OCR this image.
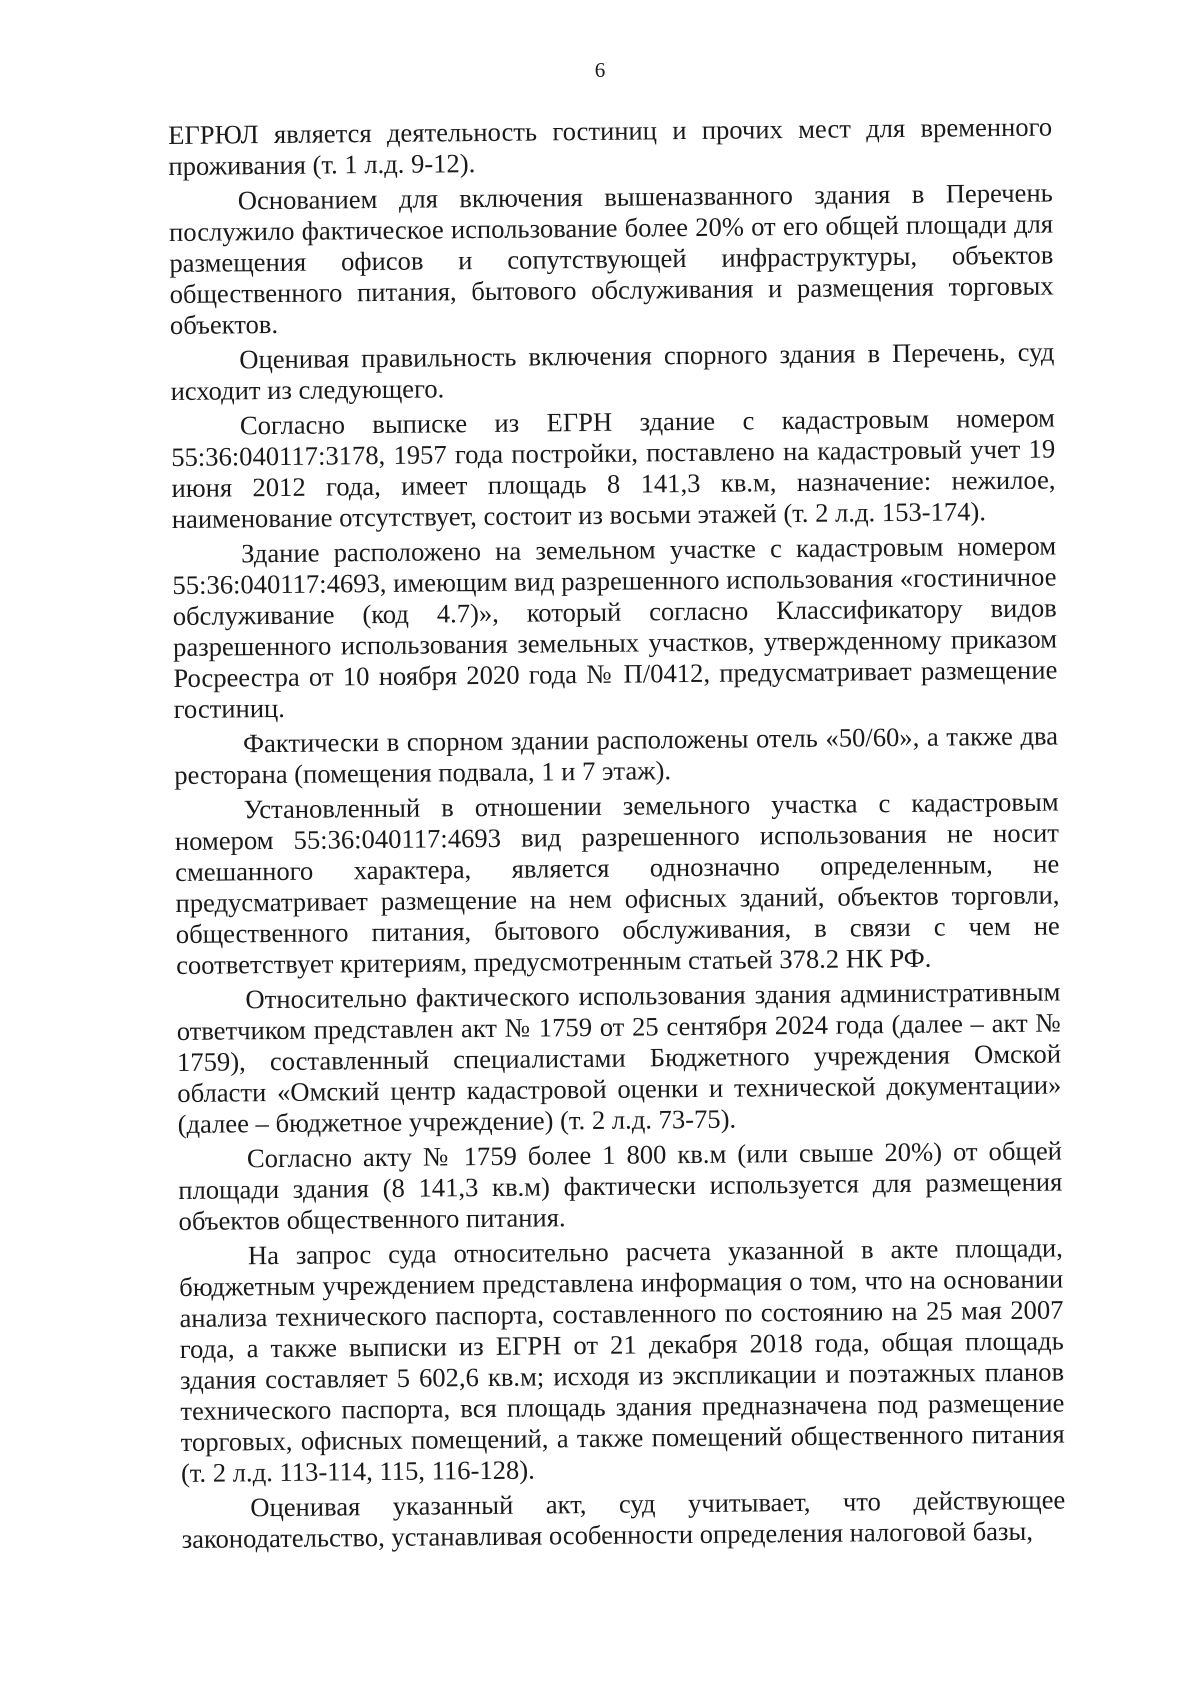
6

ЕГРЮЛ является деятельность гостиниц и прочих мест для временного проживания (т. 1 л.д. 9-12).

Основанием для включения вышеназванного здания в Перечень послужило фактическое использование более 20% от его общей площади для размещения офисов и сопутствующей инфраструктуры, объектов общественного питания, бытового обслуживания и размещения торговых объектов.

Оценивая правильность включения спорного здания в Перечень, суд исходит из следующего.

Согласно выписке из ЕГРН здание с кадастровым номером 55:36:040117:3178, 1957 года постройки, поставлено на кадастровый учет 19 июня 2012 года, имеет площадь 8 141,3 кв.м, назначение: нежилое, наименование отсутствует, состоит из восьми этажей (т. 2 л.д. 153-174).

Здание расположено на земельном участке с кадастровым номером 55:36:040117:4693, имеющим вид разрешенного использования «гостиничное обслуживание (код 4.7)», который согласно Классификатору видов разрешенного использования земельных участков, утвержденному приказом Росреестра от 10 ноября 2020 года № П/0412, предусматривает размещение гостиниц.

Фактически в спорном здании расположены отель «50/60», а также два ресторана (помещения подвала, 1 и 7 этаж).

Установленный в отношении земельного участка с кадастровым номером 55:36:040117:4693 вид разрешенного использования не носит смешанного характера, является однозначно определенным, не предусматривает размещение на нем офисных зданий, объектов торговли, общественного питания, бытового обслуживания, в связи с чем не соответствует критериям, предусмотренным статьей 378.2 НК РФ.

Относительно фактического использования здания административным ответчиком представлен акт № 1759 от 25 сентября 2024 года (далее – акт № 1759), составленный специалистами Бюджетного учреждения Омской области «Омский центр кадастровой оценки и технической документации» (далее – бюджетное учреждение) (т. 2 л.д. 73-75).

Согласно акту № 1759 более 1 800 кв.м (или свыше 20%) от общей площади здания (8 141,3 кв.м) фактически используется для размещения объектов общественного питания.

На запрос суда относительно расчета указанной в акте площади, бюджетным учреждением представлена информация о том, что на основании анализа технического паспорта, составленного по состоянию на 25 мая 2007 года, а также выписки из ЕГРН от 21 декабря 2018 года, общая площадь здания составляет 5 602,6 кв.м; исходя из экспликации и поэтажных планов технического паспорта, вся площадь здания предназначена под размещение торговых, офисных помещений, а также помещений общественного питания (т. 2 л.д. 113-114, 115, 116-128).

Оценивая указанный акт, суд учитывает, что действующее законодательство, устанавливая особенности определения налоговой базы,
